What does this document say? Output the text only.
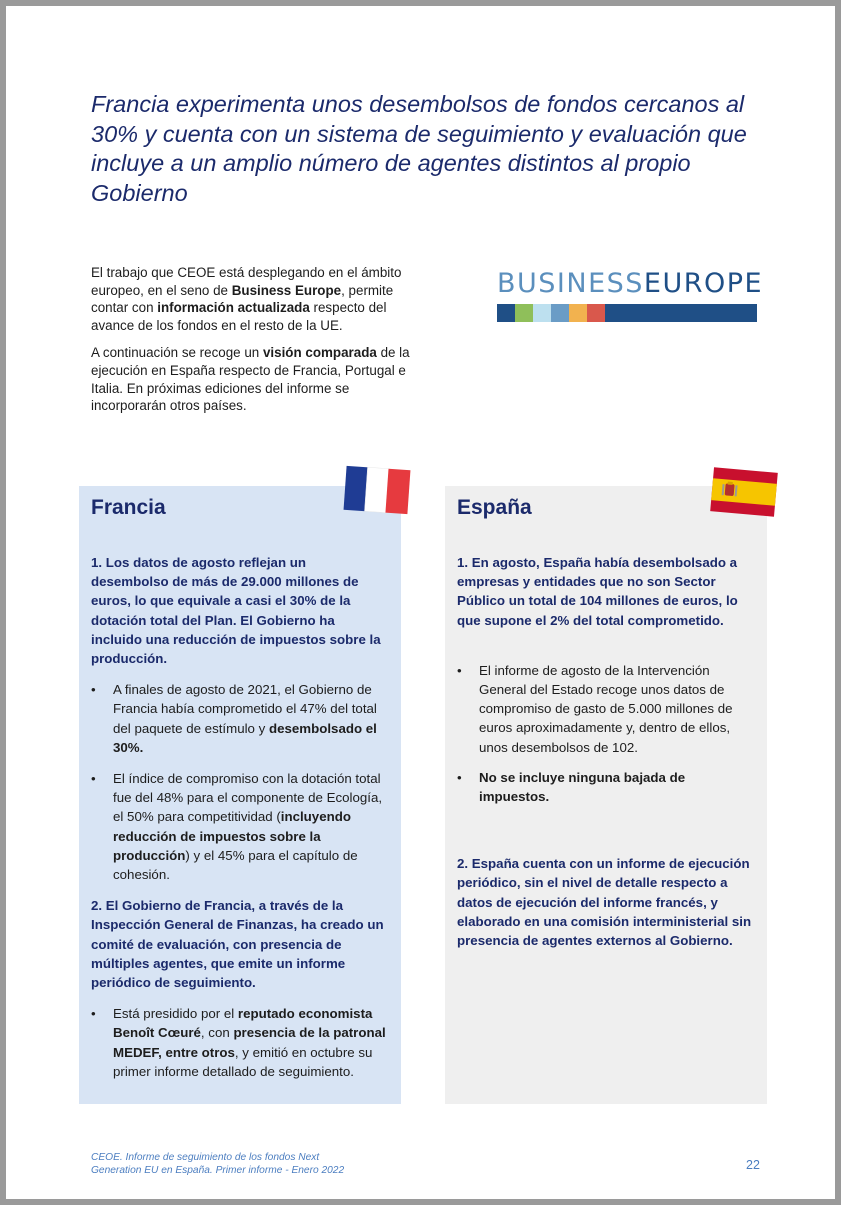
Francia experimenta unos desembolsos de fondos cercanos al 30% y cuenta con un sistema de seguimiento y evaluación que incluye a un amplio número de agentes distintos al propio Gobierno

El trabajo que CEOE está desplegando en el ámbito europeo, en el seno de Business Europe, permite contar con información actualizada respecto del avance de los fondos en el resto de la UE.

A continuación se recoge un visión comparada de la ejecución en España respecto de Francia, Portugal e Italia. En próximas ediciones del informe se incorporarán otros países.

BUSINESSEUROPE
Francia

1. Los datos de agosto reflejan un desembolso de más de 29.000 millones de euros, lo que equivale a casi el 30% de la dotación total del Plan. El Gobierno ha incluido una reducción de impuestos sobre la producción.

• A finales de agosto de 2021, el Gobierno de Francia había comprometido el 47% del total del paquete de estímulo y desembolsado el 30%.
• El índice de compromiso con la dotación total fue del 48% para el componente de Ecología, el 50% para competitividad (incluyendo reducción de impuestos sobre la producción) y el 45% para el capítulo de cohesión.

2. El Gobierno de Francia, a través de la Inspección General de Finanzas, ha creado un comité de evaluación, con presencia de múltiples agentes, que emite un informe periódico de seguimiento.

• Está presidido por el reputado economista Benoît Cœuré, con presencia de la patronal MEDEF, entre otros, y emitió en octubre su primer informe detallado de seguimiento.
España

1. En agosto, España había desembolsado a empresas y entidades que no son Sector Público un total de 104 millones de euros, lo que supone el 2% del total comprometido.

• El informe de agosto de la Intervención General del Estado recoge unos datos de compromiso de gasto de 5.000 millones de euros aproximadamente y, dentro de ellos, unos desembolsos de 102.
• No se incluye ninguna bajada de impuestos.

2. España cuenta con un informe de ejecución periódico, sin el nivel de detalle respecto a datos de ejecución del informe francés, y elaborado en una comisión interministerial sin presencia de agentes externos al Gobierno.

CEOE. Informe de seguimiento de los fondos Next
Generation EU en España. Primer informe - Enero 2022	22
